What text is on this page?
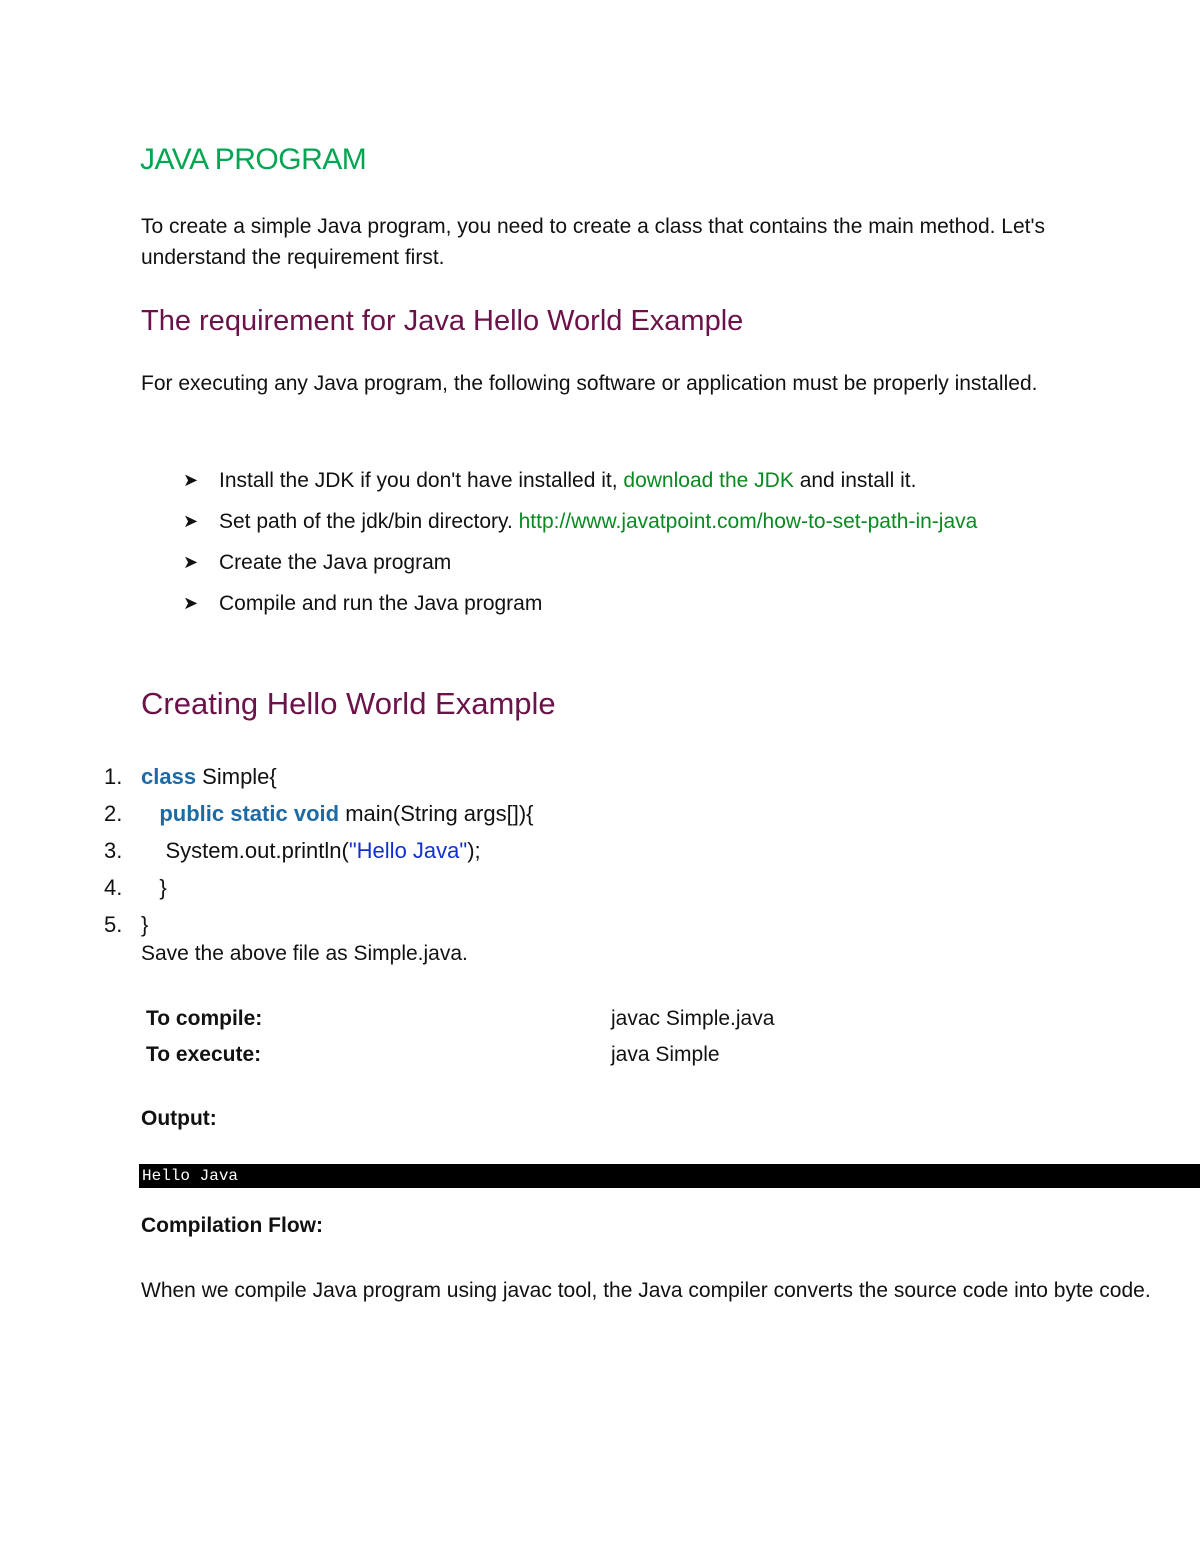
JAVA PROGRAM
To create a simple Java program, you need to create a class that contains the main method. Let's understand the requirement first.
The requirement for Java Hello World Example
For executing any Java program, the following software or application must be properly installed.
➤ Install the JDK if you don't have installed it, download the JDK and install it.
➤ Set path of the jdk/bin directory. http://www.javatpoint.com/how-to-set-path-in-java
➤ Create the Java program
➤ Compile and run the Java program
Creating Hello World Example
1. class Simple{
2. public static void main(String args[]){
3.    System.out.println("Hello Java");
4.   }
5. }
Save the above file as Simple.java.
To compile:	javac Simple.java
To execute:	java Simple
Output:
Hello Java
Compilation Flow:
When we compile Java program using javac tool, the Java compiler converts the source code into byte code.
